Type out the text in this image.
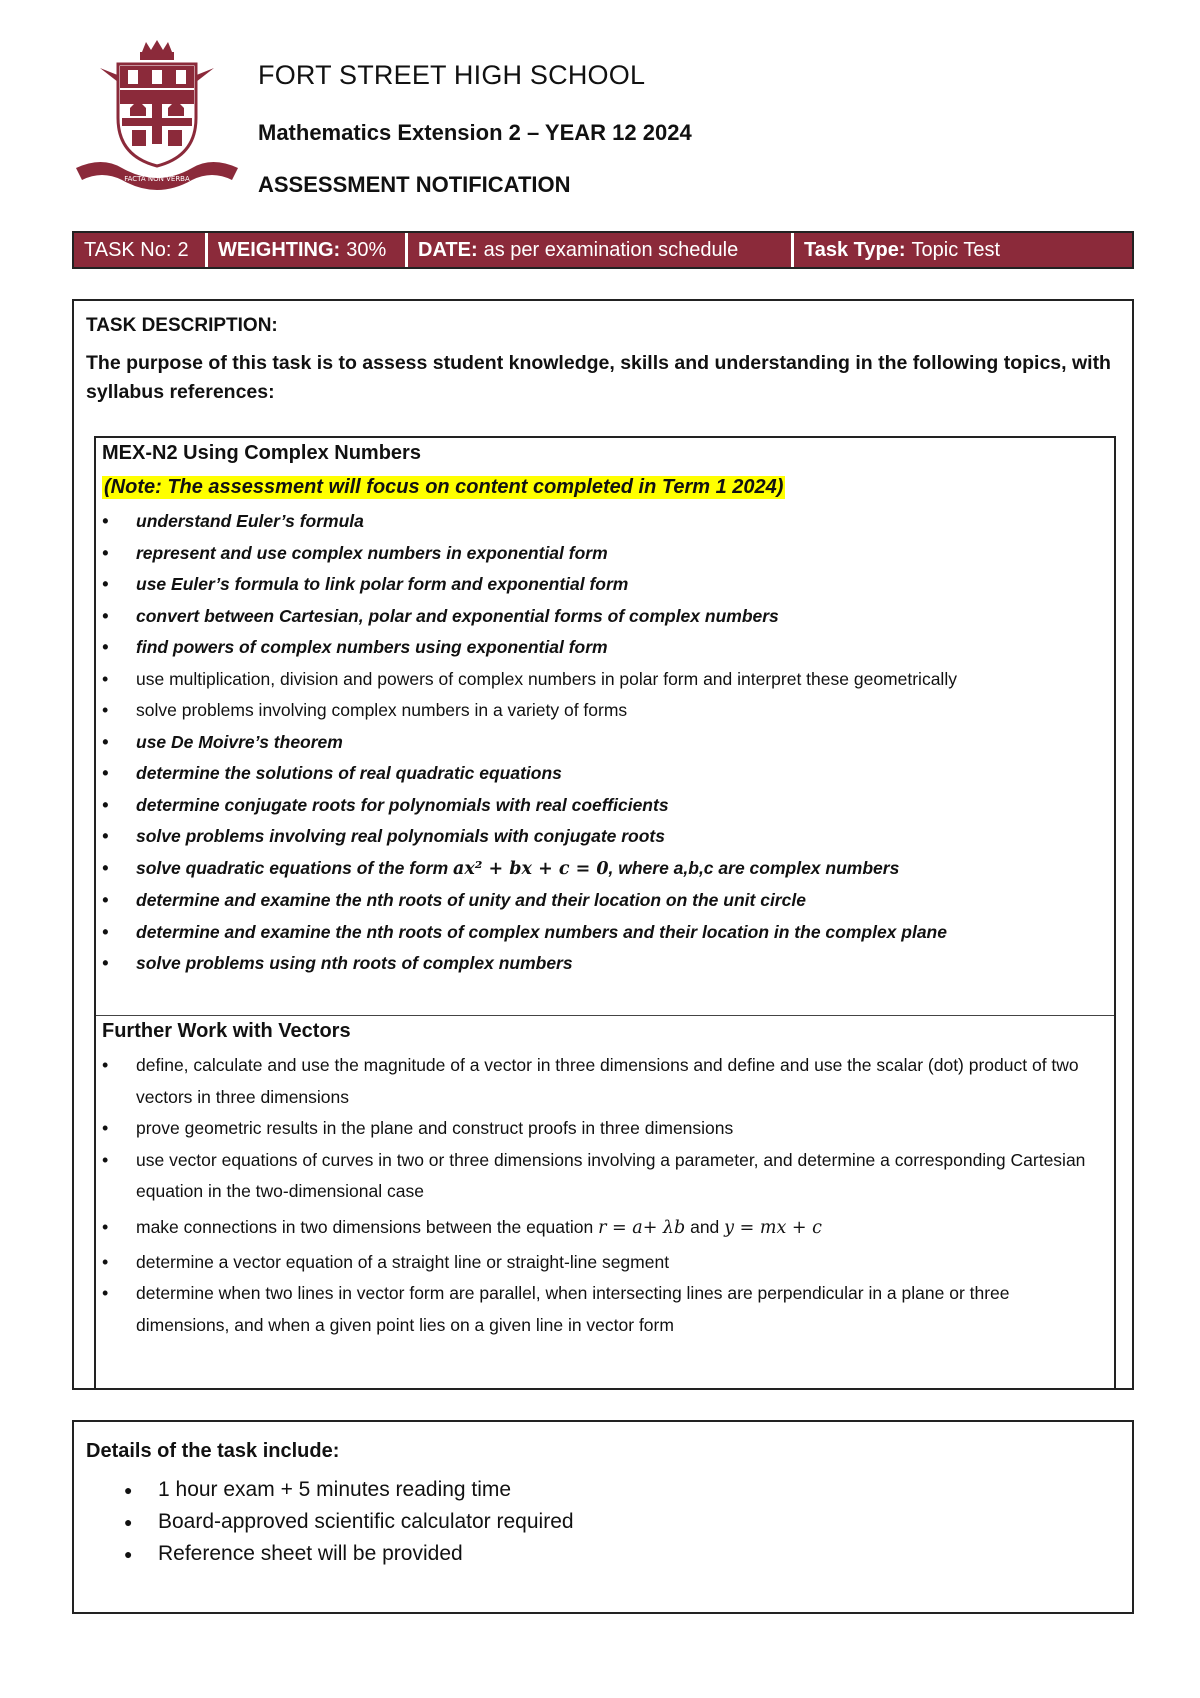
FACTA NON VERBA
FORT STREET HIGH SCHOOL
Mathematics Extension 2 – YEAR 12 2024
ASSESSMENT NOTIFICATION
TASK No: 2 WEIGHTING: 30% DATE: as per examination schedule	Task Type: Topic Test
TASK DESCRIPTION:
The purpose of this task is to assess student knowledge, skills and understanding in the following topics, with syllabus references:
MEX-N2 Using Complex Numbers
(Note: The assessment will focus on content completed in Term 1 2024)
• understand Euler’s formula
• represent and use complex numbers in exponential form
• use Euler’s formula to link polar form and exponential form
• convert between Cartesian, polar and exponential forms of complex numbers
• find powers of complex numbers using exponential form
• use multiplication, division and powers of complex numbers in polar form and interpret these geometrically
• solve problems involving complex numbers in a variety of forms
• use De Moivre’s theorem
• determine the solutions of real quadratic equations
• determine conjugate roots for polynomials with real coefficients
• solve problems involving real polynomials with conjugate roots
• solve quadratic equations of the form ax² + bx + c = 0, where a,b,c are complex numbers
• determine and examine the nth roots of unity and their location on the unit circle
• determine and examine the nth roots of complex numbers and their location in the complex plane
• solve problems using nth roots of complex numbers
Further Work with Vectors
• define, calculate and use the magnitude of a vector in three dimensions and define and use the scalar (dot) product of two vectors in three dimensions
• prove geometric results in the plane and construct proofs in three dimensions
• use vector equations of curves in two or three dimensions involving a parameter, and determine a corresponding Cartesian equation in the two-dimensional case
• make connections in two dimensions between the equation r = a+ λb and y = mx + c
• determine a vector equation of a straight line or straight-line segment
• determine when two lines in vector form are parallel, when intersecting lines are perpendicular in a plane or three dimensions, and when a given point lies on a given line in vector form
Details of the task include:
● 1 hour exam + 5 minutes reading time
● Board-approved scientific calculator required
● Reference sheet will be provided
